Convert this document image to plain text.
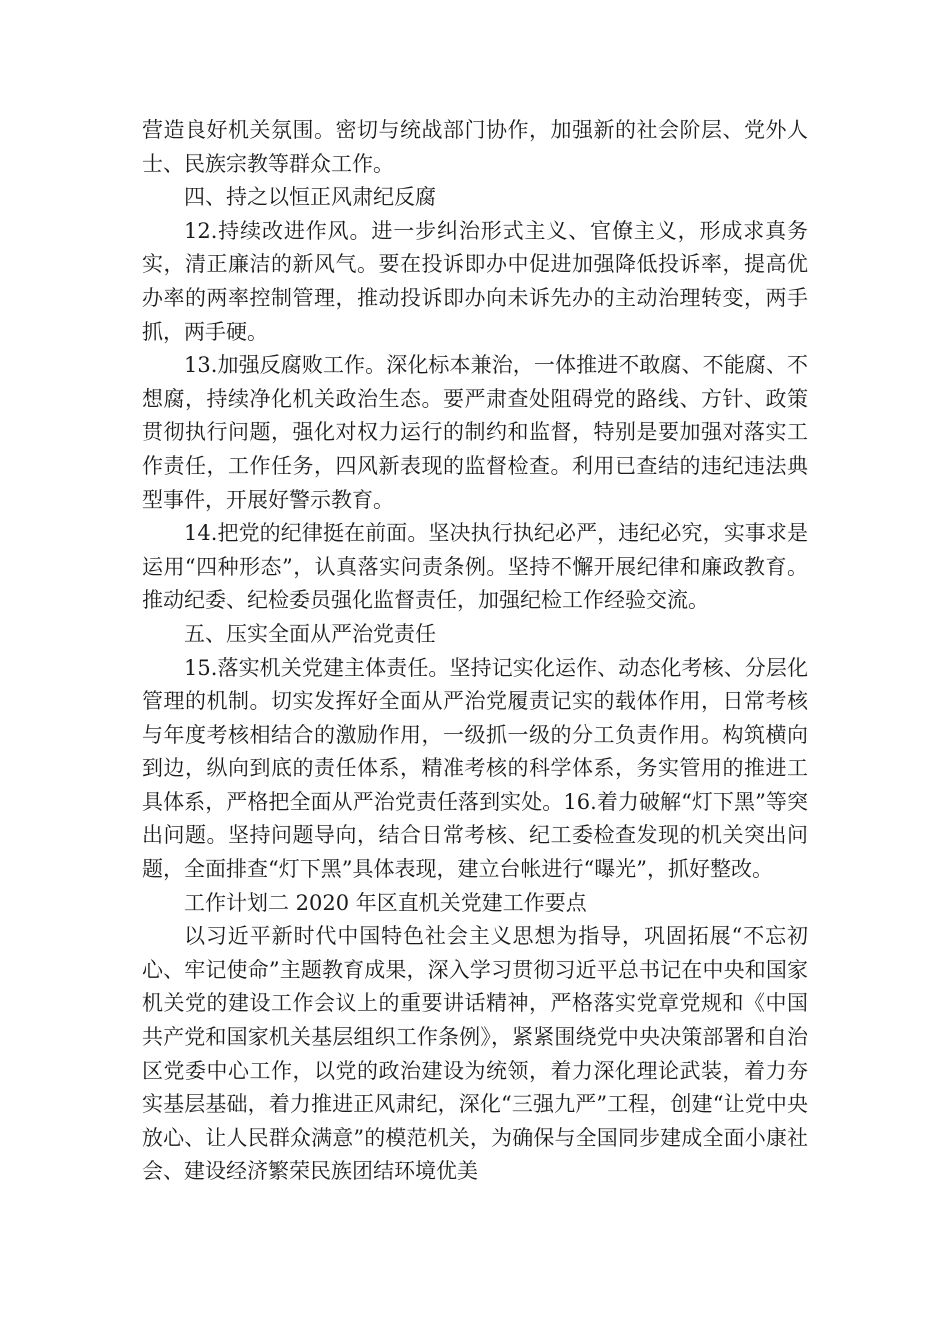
营造良好机关氛围。密切与统战部门协作，加强新的社会阶层、党外人士、民族宗教等群众工作。

四、持之以恒正风肃纪反腐

12.持续改进作风。进一步纠治形式主义、官僚主义，形成求真务实，清正廉洁的新风气。要在投诉即办中促进加强降低投诉率，提高优办率的两率控制管理，推动投诉即办向未诉先办的主动治理转变，两手抓，两手硬。

13.加强反腐败工作。深化标本兼治，一体推进不敢腐、不能腐、不想腐，持续净化机关政治生态。要严肃查处阻碍党的路线、方针、政策贯彻执行问题，强化对权力运行的制约和监督，特别是要加强对落实工作责任，工作任务，四风新表现的监督检查。利用已查结的违纪违法典型事件，开展好警示教育。

14.把党的纪律挺在前面。坚决执行执纪必严，违纪必究，实事求是运用“四种形态”，认真落实问责条例。坚持不懈开展纪律和廉政教育。推动纪委、纪检委员强化监督责任，加强纪检工作经验交流。

五、压实全面从严治党责任

15.落实机关党建主体责任。坚持记实化运作、动态化考核、分层化管理的机制。切实发挥好全面从严治党履责记实的载体作用，日常考核与年度考核相结合的激励作用，一级抓一级的分工负责作用。构筑横向到边，纵向到底的责任体系，精准考核的科学体系，务实管用的推进工具体系，严格把全面从严治党责任落到实处。16.着力破解“灯下黑”等突出问题。坚持问题导向，结合日常考核、纪工委检查发现的机关突出问题，全面排查“灯下黑”具体表现，建立台帐进行“曝光”，抓好整改。

工作计划二 2020 年区直机关党建工作要点

以习近平新时代中国特色社会主义思想为指导，巩固拓展“不忘初心、牢记使命”主题教育成果，深入学习贯彻习近平总书记在中央和国家机关党的建设工作会议上的重要讲话精神，严格落实党章党规和《中国共产党和国家机关基层组织工作条例》，紧紧围绕党中央决策部署和自治区党委中心工作，以党的政治建设为统领，着力深化理论武装，着力夯实基层基础，着力推进正风肃纪，深化“三强九严”工程，创建“让党中央放心、让人民群众满意”的模范机关，为确保与全国同步建成全面小康社会、建设经济繁荣民族团结环境优美
